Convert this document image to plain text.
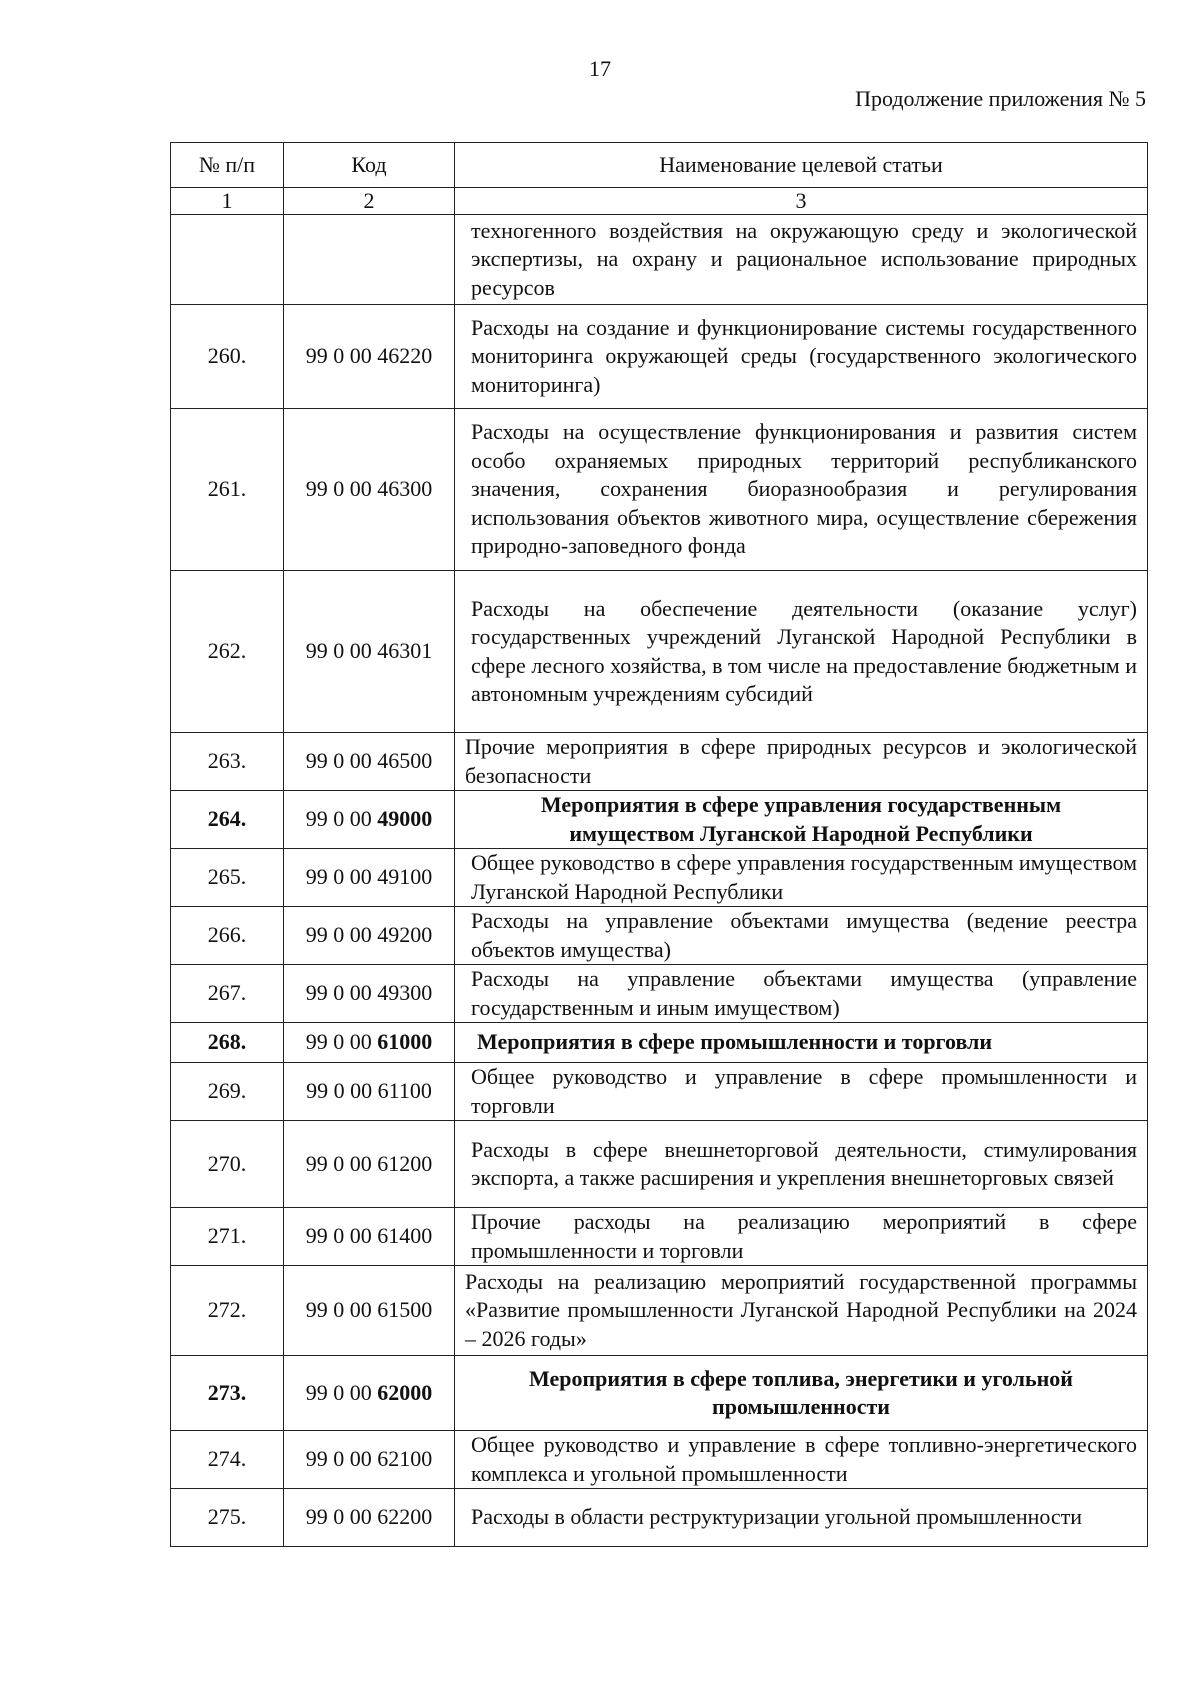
17
Продолжение приложения № 5
№ п/п	Код	Наименование целевой статьи
1	2	3
		техногенного воздействия на окружающую среду и экологической экспертизы, на охрану и рациональное использование природных ресурсов
260.	99 0 00 46220	Расходы на создание и функционирование системы государственного мониторинга окружающей среды (государственного экологического мониторинга)
261.	99 0 00 46300	Расходы на осуществление функционирования и развития систем особо охраняемых природных территорий республиканского значения, сохранения биоразнообразия и регулирования использования объектов животного мира, осуществление сбережения природно-заповедного фонда
262.	99 0 00 46301	Расходы на обеспечение деятельности (оказание услуг) государственных учреждений Луганской Народной Республики в сфере лесного хозяйства, в том числе на предоставление бюджетным и автономным учреждениям субсидий
263.	99 0 00 46500	Прочие мероприятия в сфере природных ресурсов и экологической безопасности
264.	99 0 00 49000	Мероприятия в сфере управления государственным имуществом Луганской Народной Республики
265.	99 0 00 49100	Общее руководство в сфере управления государственным имуществом Луганской Народной Республики
266.	99 0 00 49200	Расходы на управление объектами имущества (ведение реестра объектов имущества)
267.	99 0 00 49300	Расходы на управление объектами имущества (управление государственным и иным имуществом)
268.	99 0 00 61000	Мероприятия в сфере промышленности и торговли
269.	99 0 00 61100	Общее руководство и управление в сфере промышленности и торговли
270.	99 0 00 61200	Расходы в сфере внешнеторговой деятельности, стимулирования экспорта, а также расширения и укрепления внешнеторговых связей
271.	99 0 00 61400	Прочие расходы на реализацию мероприятий в сфере промышленности и торговли
272.	99 0 00 61500	Расходы на реализацию мероприятий государственной программы «Развитие промышленности Луганской Народной Республики на 2024 – 2026 годы»
273.	99 0 00 62000	Мероприятия в сфере топлива, энергетики и угольной промышленности
274.	99 0 00 62100	Общее руководство и управление в сфере топливно-энергетического комплекса и угольной промышленности
275.	99 0 00 62200	Расходы в области реструктуризации угольной промышленности
